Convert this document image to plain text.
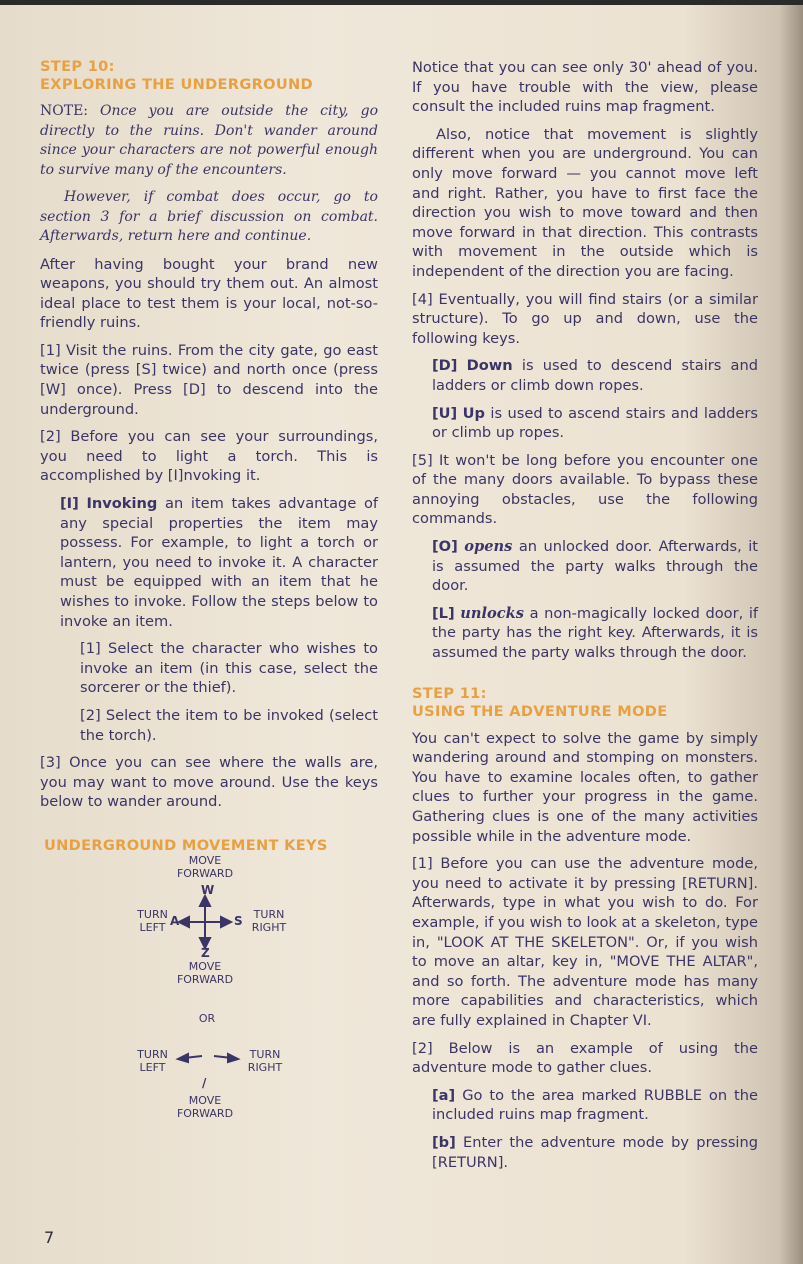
STEP 10:
EXPLORING THE UNDERGROUND

NOTE: Once you are outside the city, go directly to the ruins. Don't wander around since your characters are not powerful enough to survive many of the encounters.

However, if combat does occur, go to section 3 for a brief discussion on combat. Afterwards, return here and continue.

After having bought your brand new weapons, you should try them out. An almost ideal place to test them is your local, not-so-friendly ruins.

[1] Visit the ruins. From the city gate, go east twice (press [S] twice) and north once (press [W] once). Press [D] to descend into the underground.

[2] Before you can see your surroundings, you need to light a torch. This is accomplished by [I]nvoking it.

[I] Invoking an item takes advantage of any special properties the item may possess. For example, to light a torch or lantern, you need to invoke it. A character must be equipped with an item that he wishes to invoke. Follow the steps below to invoke an item.

[1] Select the character who wishes to invoke an item (in this case, select the sorcerer or the thief).

[2] Select the item to be invoked (select the torch).

[3] Once you can see where the walls are, you may want to move around. Use the keys below to wander around.

UNDERGROUND MOVEMENT KEYS
MOVE FORWARD
W
TURN LEFT A	S	TURN RIGHT
Z
MOVE FORWARD
OR
TURN LEFT
TURN RIGHT
/
MOVE FORWARD

Notice that you can see only 30' ahead of you. If you have trouble with the view, please consult the included ruins map fragment.

Also, notice that movement is slightly different when you are underground. You can only move forward — you cannot move left and right. Rather, you have to first face the direction you wish to move toward and then move forward in that direction. This contrasts with movement in the outside which is independent of the direction you are facing.

[4] Eventually, you will find stairs (or a similar structure). To go up and down, use the following keys.

[D] Down is used to descend stairs and ladders or climb down ropes.

[U] Up is used to ascend stairs and ladders or climb up ropes.

[5] It won't be long before you encounter one of the many doors available. To bypass these annoying obstacles, use the following commands.

[O] opens an unlocked door. Afterwards, it is assumed the party walks through the door.

[L] unlocks a non-magically locked door, if the party has the right key. Afterwards, it is assumed the party walks through the door.

STEP 11:
USING THE ADVENTURE MODE

You can't expect to solve the game by simply wandering around and stomping on monsters. You have to examine locales often, to gather clues to further your progress in the game. Gathering clues is one of the many activities possible while in the adventure mode.

[1] Before you can use the adventure mode, you need to activate it by pressing [RETURN]. Afterwards, type in what you wish to do. For example, if you wish to look at a skeleton, type in, "LOOK AT THE SKELETON". Or, if you wish to move an altar, key in, "MOVE THE ALTAR", and so forth. The adventure mode has many more capabilities and characteristics, which are fully explained in Chapter VI.

[2] Below is an example of using the adventure mode to gather clues.

[a] Go to the area marked RUBBLE on the included ruins map fragment.

[b] Enter the adventure mode by pressing [RETURN].

7
